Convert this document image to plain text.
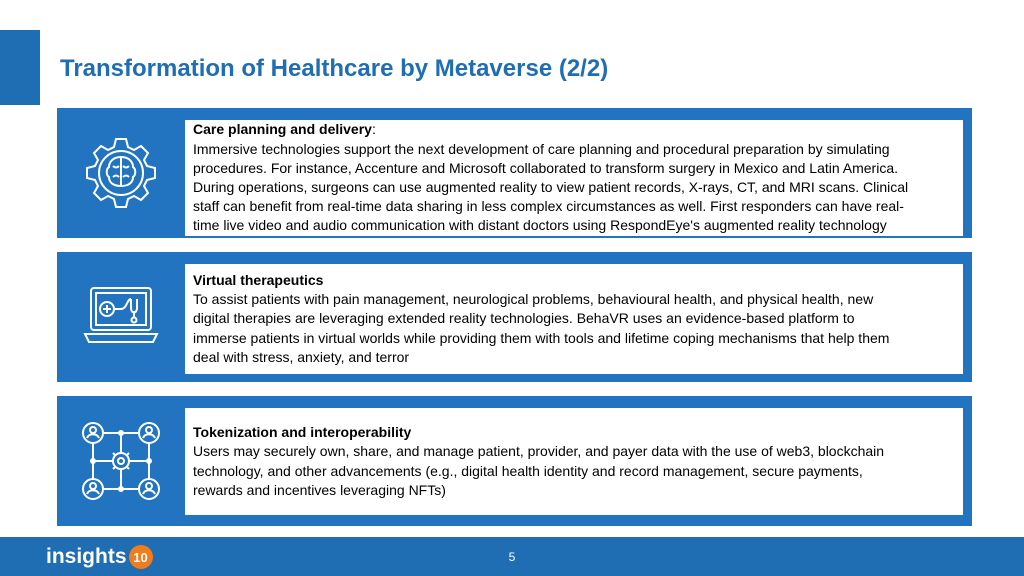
Transformation of Healthcare by Metaverse (2/2)
Care planning and delivery:
Immersive technologies support the next development of care planning and procedural preparation by simulating
procedures. For instance, Accenture and Microsoft collaborated to transform surgery in Mexico and Latin America.
During operations, surgeons can use augmented reality to view patient records, X-rays, CT, and MRI scans. Clinical
staff can benefit from real-time data sharing in less complex circumstances as well. First responders can have real-
time live video and audio communication with distant doctors using RespondEye's augmented reality technology
Virtual therapeutics
To assist patients with pain management, neurological problems, behavioural health, and physical health, new
digital therapies are leveraging extended reality technologies. BehaVR uses an evidence-based platform to
immerse patients in virtual worlds while providing them with tools and lifetime coping mechanisms that help them
deal with stress, anxiety, and terror
Tokenization and interoperability
Users may securely own, share, and manage patient, provider, and payer data with the use of web3, blockchain
technology, and other advancements (e.g., digital health identity and record management, secure payments,
rewards and incentives leveraging NFTs)
insights 10	5
